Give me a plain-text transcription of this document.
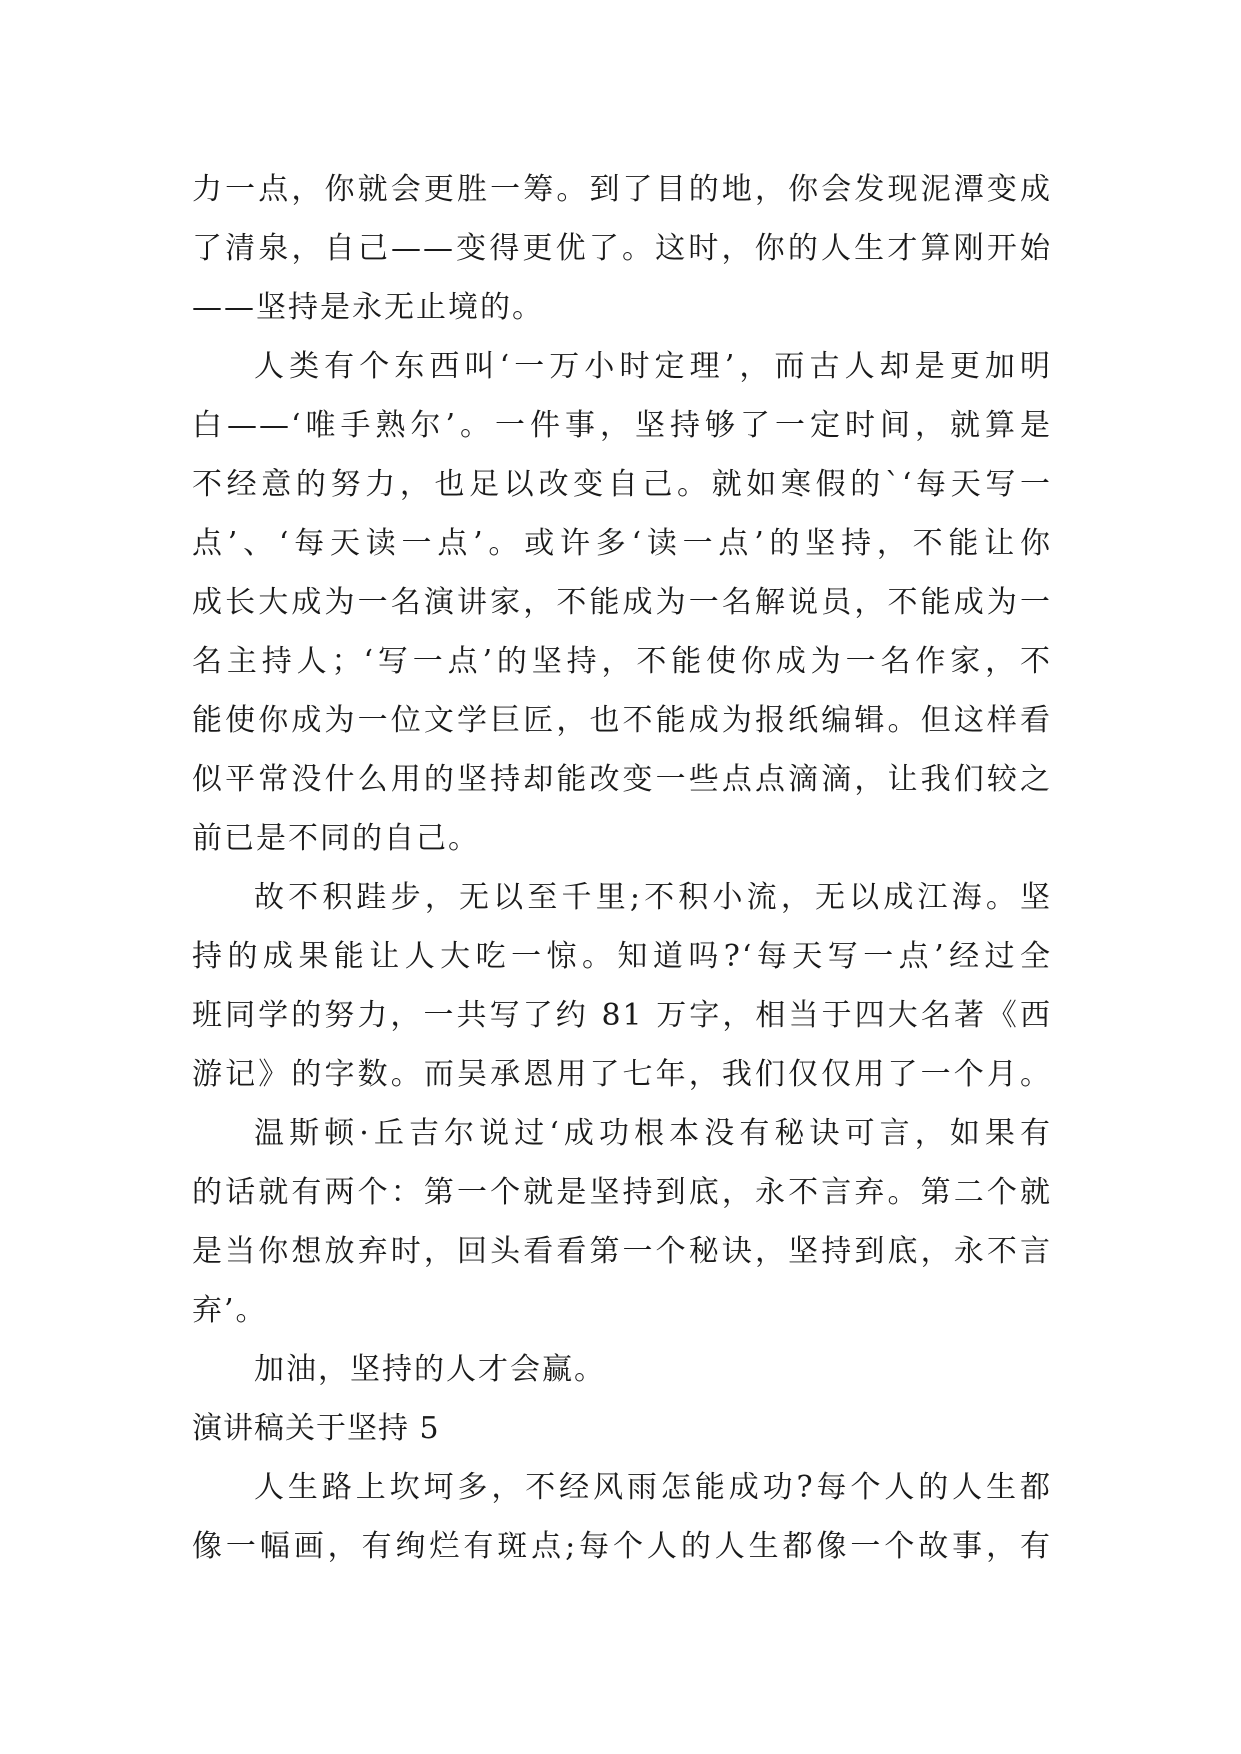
力一点，你就会更胜一筹。到了目的地，你会发现泥潭变成
了清泉，自己——变得更优了。这时，你的人生才算刚开始
——坚持是永无止境的。
人类有个东西叫‘一万小时定理’，而古人却是更加明
白——‘唯手熟尔’。一件事，坚持够了一定时间，就算是
不经意的努力，也足以改变自己。就如寒假的`‘每天写一
点’、‘每天读一点’。或许多‘读一点’的坚持，不能让你
成长大成为一名演讲家，不能成为一名解说员，不能成为一
名主持人；‘写一点’的坚持，不能使你成为一名作家，不
能使你成为一位文学巨匠，也不能成为报纸编辑。但这样看
似平常没什么用的坚持却能改变一些点点滴滴，让我们较之
前已是不同的自己。
故不积跬步，无以至千里;不积小流，无以成江海。坚
持的成果能让人大吃一惊。知道吗?‘每天写一点’经过全
班同学的努力，一共写了约 81 万字，相当于四大名著《西
游记》的字数。而吴承恩用了七年，我们仅仅用了一个月。
温斯顿·丘吉尔说过‘成功根本没有秘诀可言，如果有
的话就有两个：第一个就是坚持到底，永不言弃。第二个就
是当你想放弃时，回头看看第一个秘诀，坚持到底，永不言
弃’。
加油，坚持的人才会赢。
演讲稿关于坚持 5
人生路上坎坷多，不经风雨怎能成功?每个人的人生都
像一幅画，有绚烂有斑点;每个人的人生都像一个故事，有
